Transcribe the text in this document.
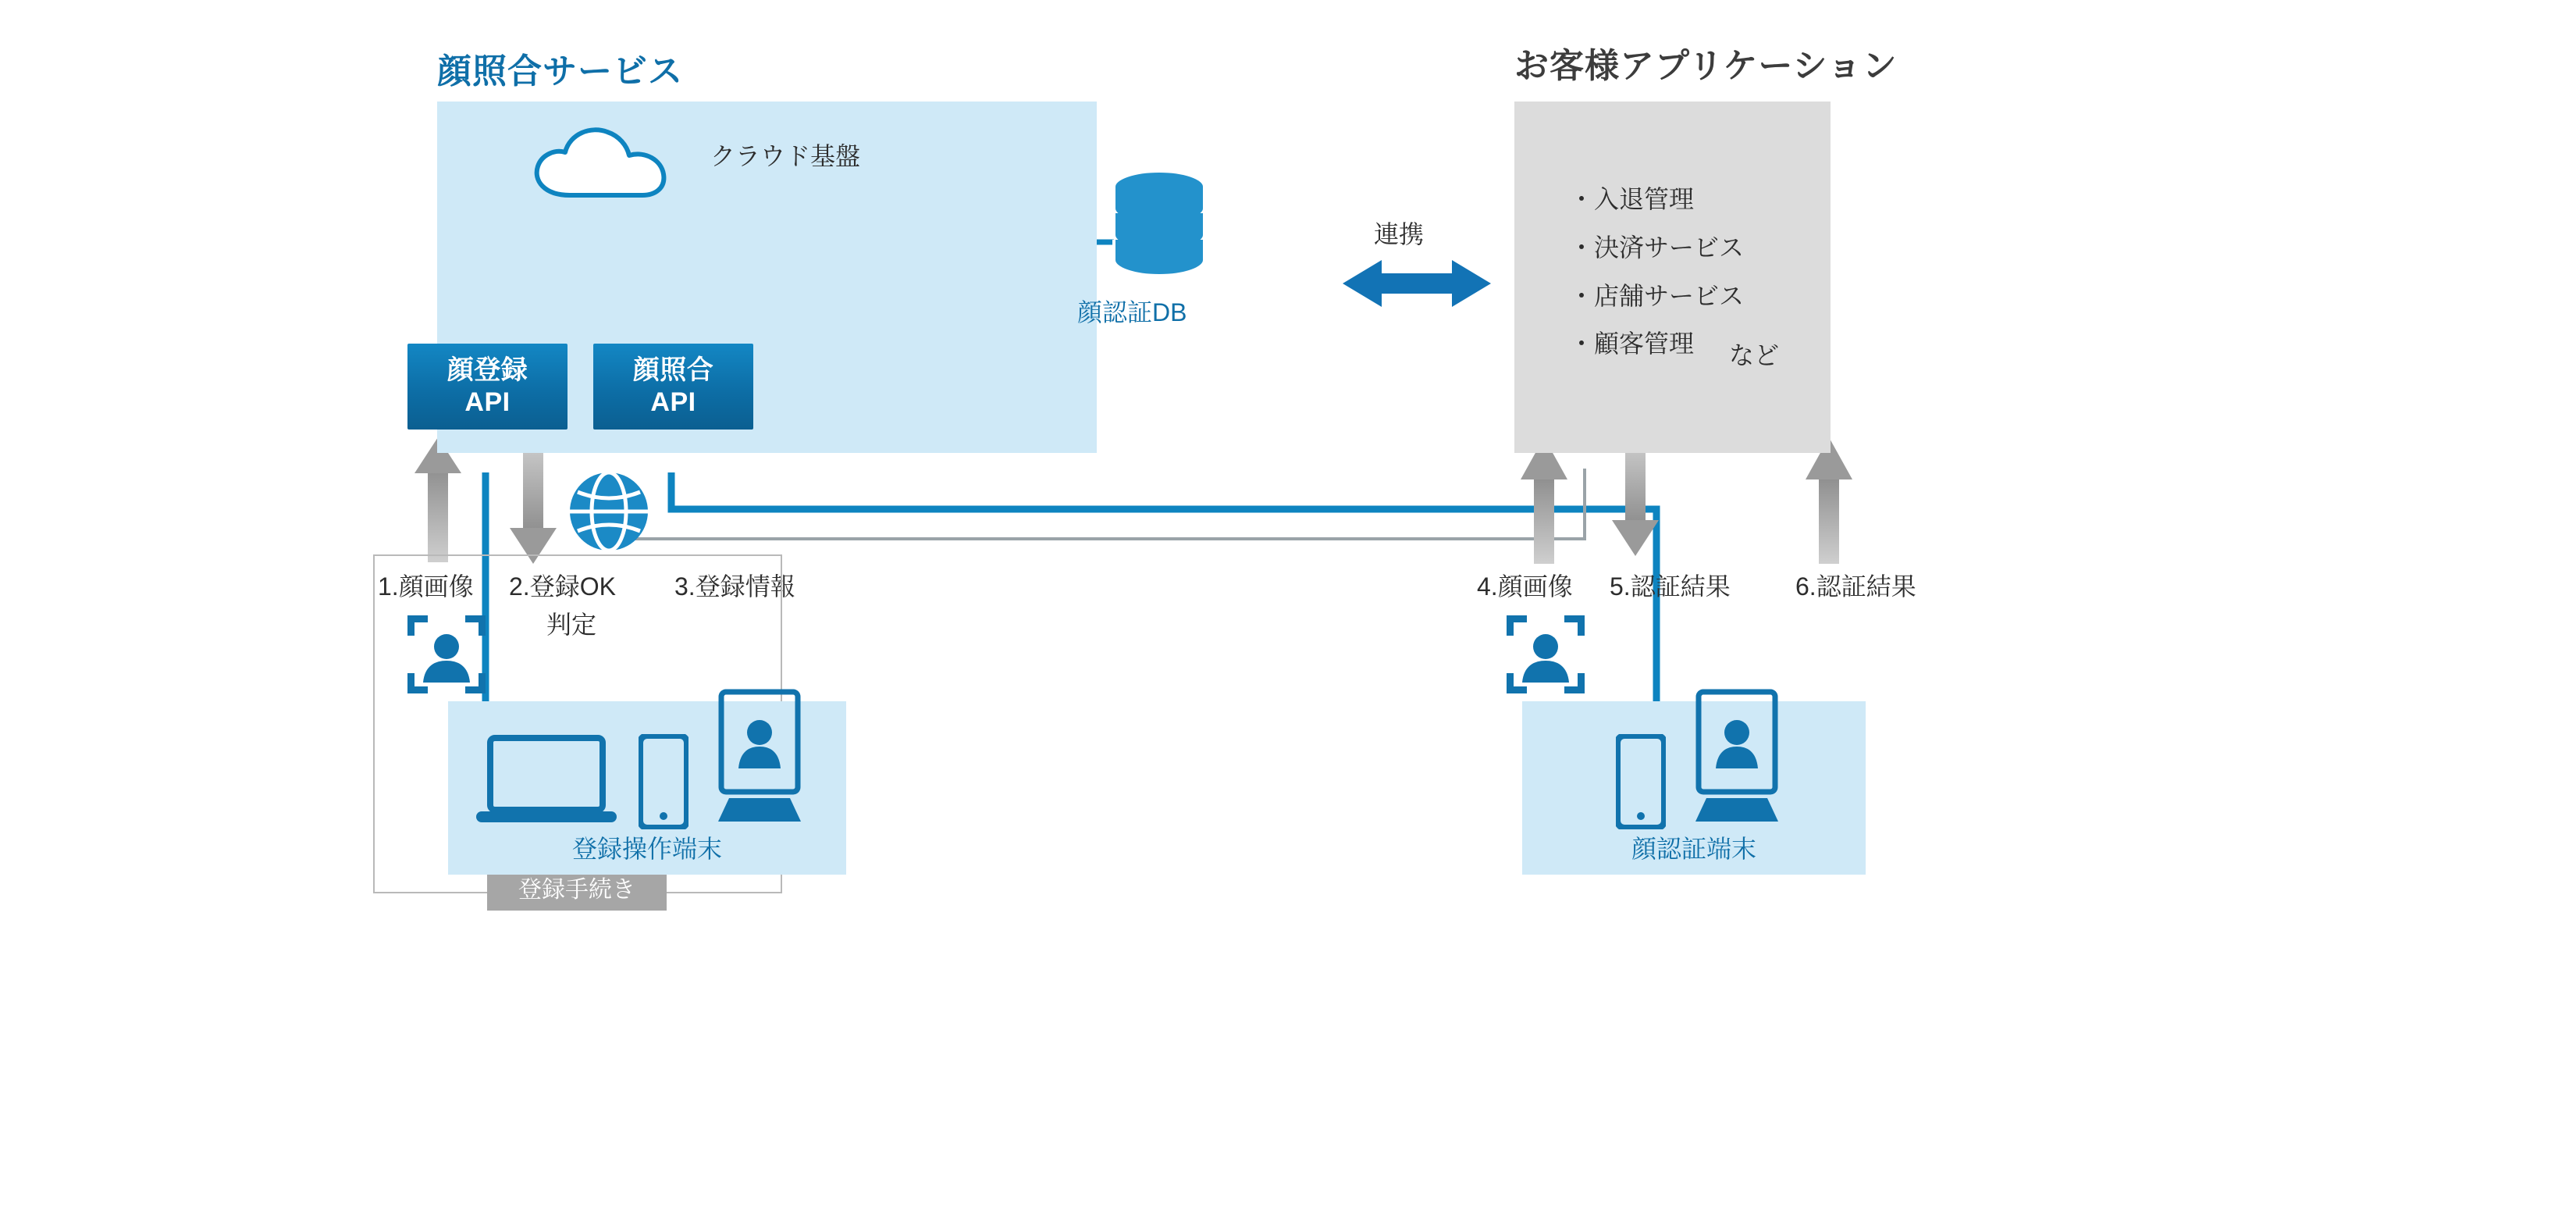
顔照合サービス
クラウド基盤
顔認証DB
顔登録
API
顔照合
API
お客様アプリケーション
・入退管理
・決済サービス
・店舗サービス
・顧客管理	など
連携
1.顔画像 2.登録OK
判定
3.登録情報
登録手続き
登録操作端末
4.顔画像 5.認証結果	6.認証結果
顔認証端末
